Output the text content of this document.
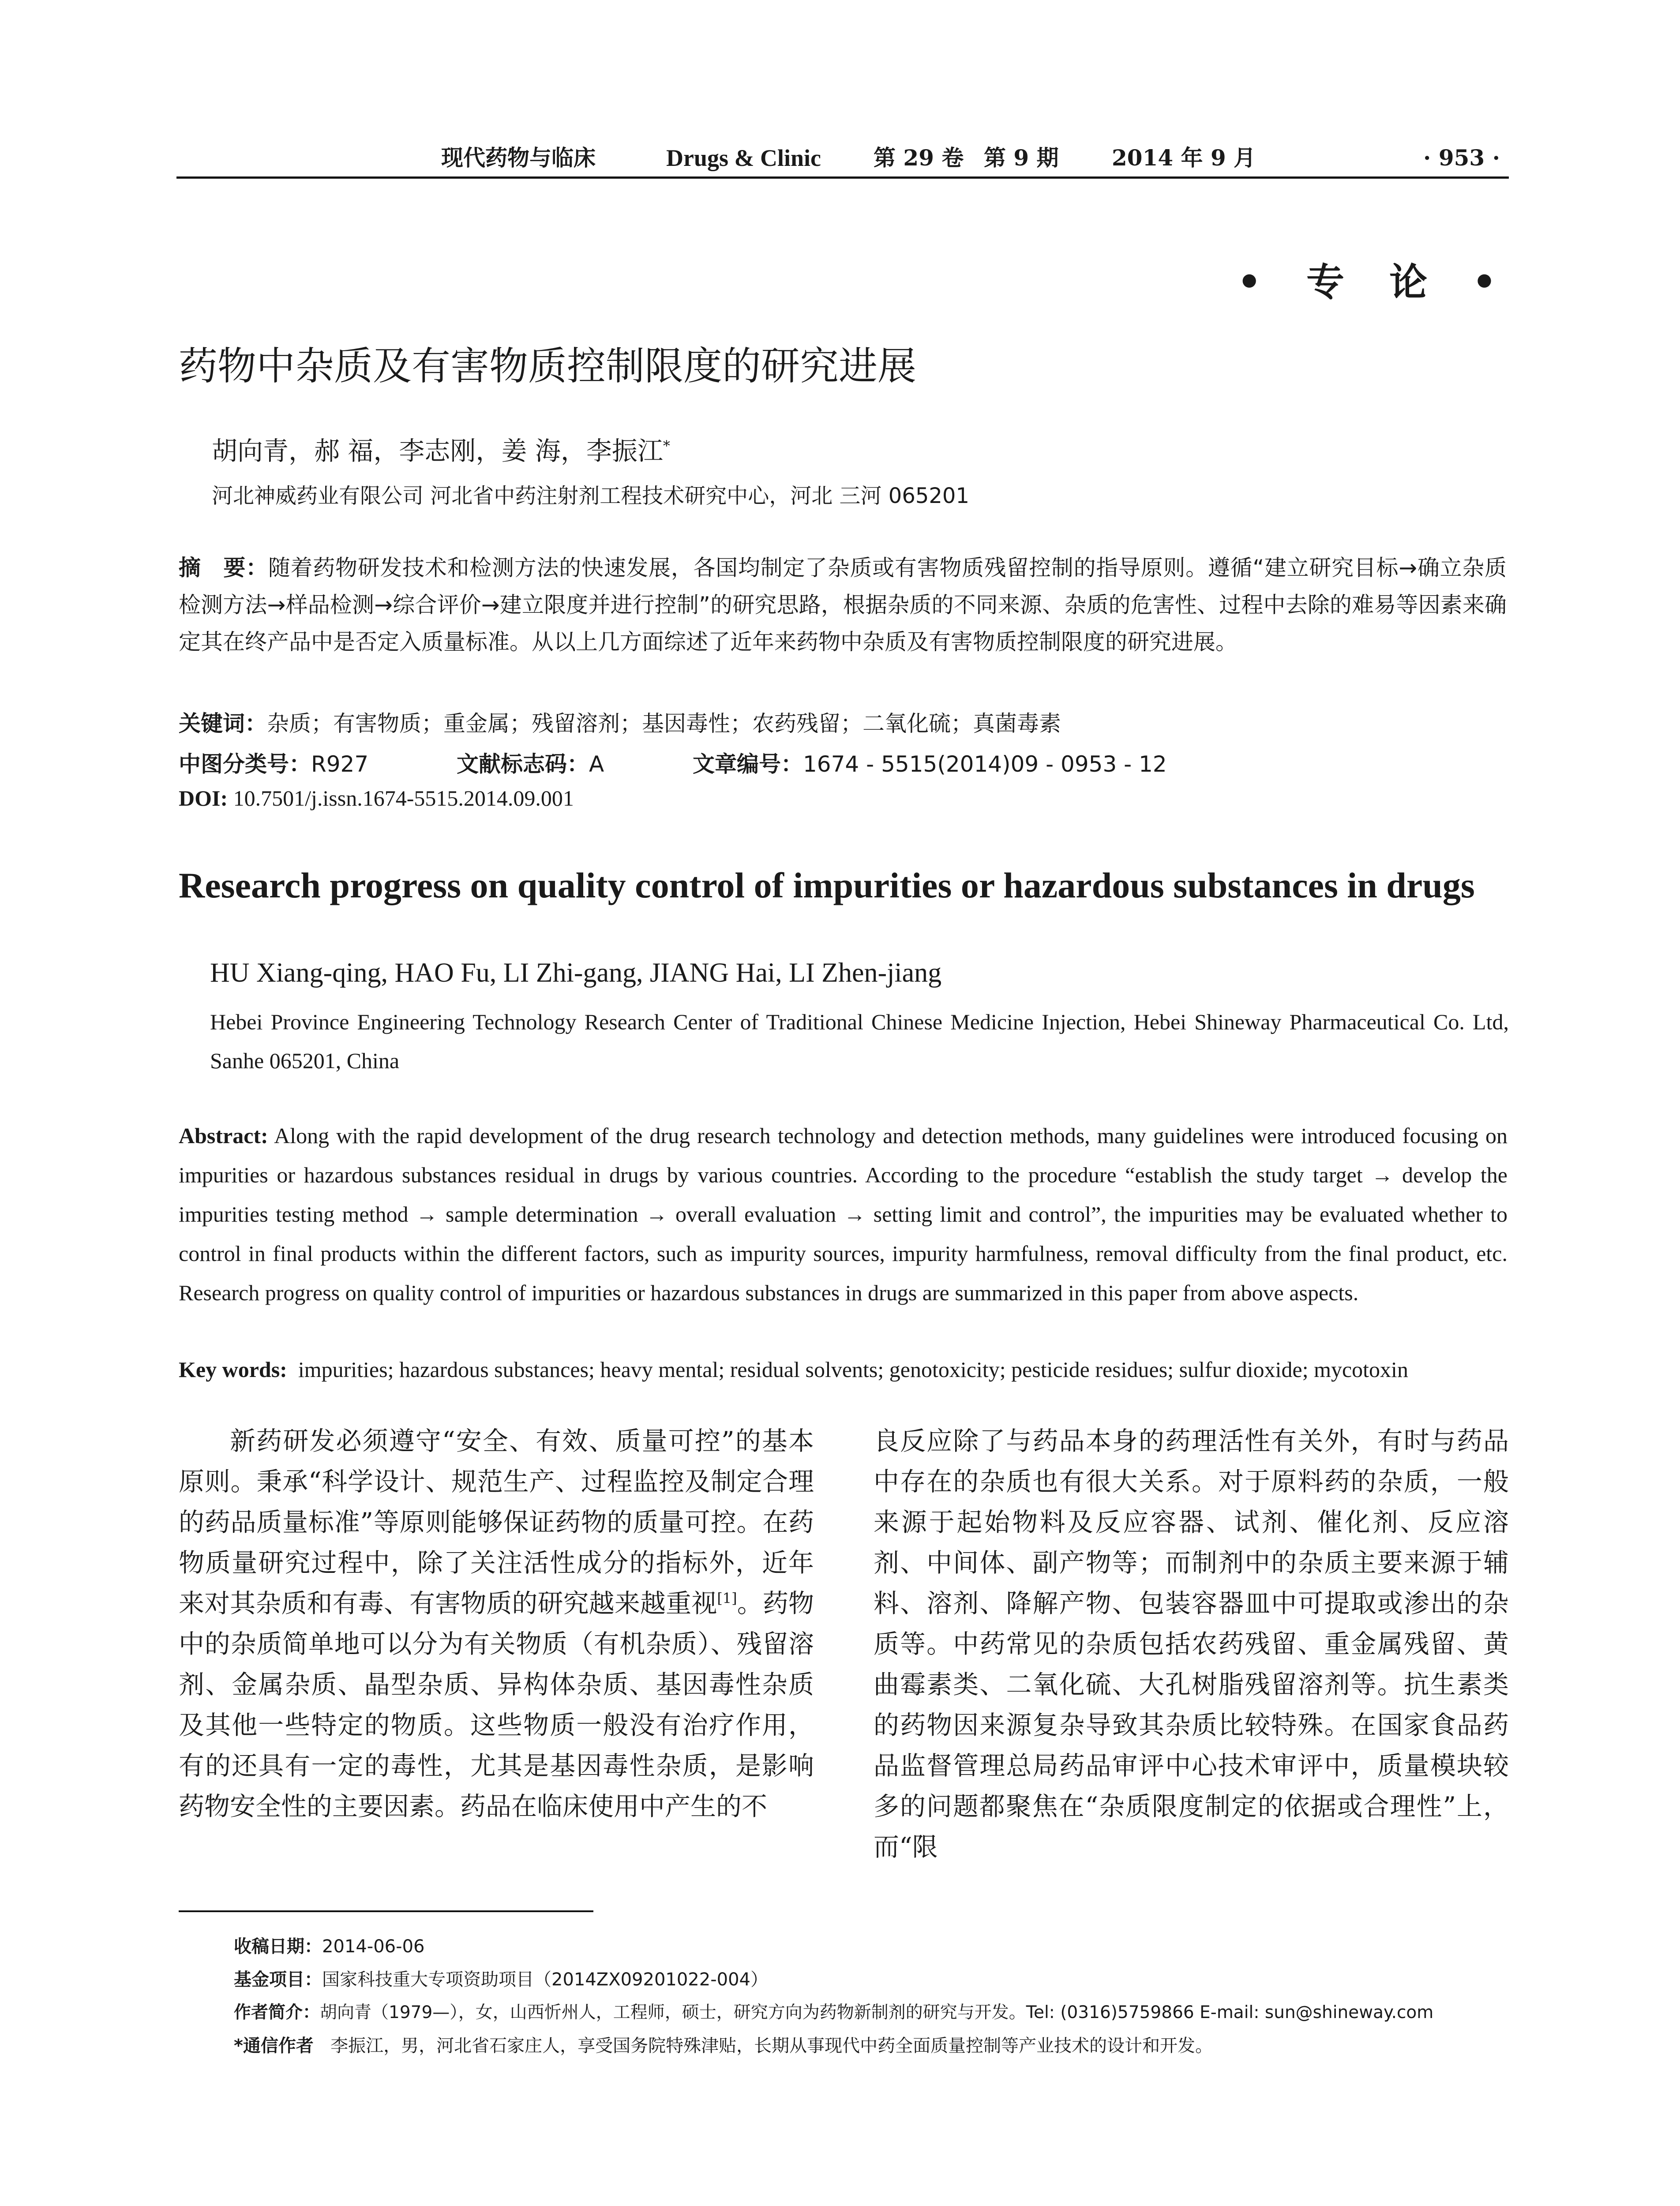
现代药物与临床	Drugs & Clinic 第 29 卷 第 9 期 2014 年 9 月	· 953 ·
• 专 论 •
药物中杂质及有害物质控制限度的研究进展
胡向青，郝 福，李志刚，姜 海，李振江*
河北神威药业有限公司 河北省中药注射剂工程技术研究中心，河北 三河 065201
摘　要：随着药物研发技术和检测方法的快速发展，各国均制定了杂质或有害物质残留控制的指导原则。遵循“建立研究目标→确立杂质检测方法→样品检测→综合评价→建立限度并进行控制”的研究思路，根据杂质的不同来源、杂质的危害性、过程中去除的难易等因素来确定其在终产品中是否定入质量标准。从以上几方面综述了近年来药物中杂质及有害物质控制限度的研究进展。
关键词：杂质；有害物质；重金属；残留溶剂；基因毒性；农药残留；二氧化硫；真菌毒素
中图分类号：R927	文献标志码：A	文章编号：1674 - 5515(2014)09 - 0953 - 12
DOI: 10.7501/j.issn.1674-5515.2014.09.001
Research progress on quality control of impurities or hazardous substances in drugs
HU Xiang-qing, HAO Fu, LI Zhi-gang, JIANG Hai, LI Zhen-jiang
Hebei Province Engineering Technology Research Center of Traditional Chinese Medicine Injection, Hebei Shineway Pharmaceutical Co. Ltd, Sanhe 065201, China
Abstract: Along with the rapid development of the drug research technology and detection methods, many guidelines were introduced focusing on impurities or hazardous substances residual in drugs by various countries. According to the procedure “establish the study target → develop the impurities testing method → sample determination → overall evaluation → setting limit and control”, the impurities may be evaluated whether to control in final products within the different factors, such as impurity sources, impurity harmfulness, removal difficulty from the final product, etc. Research progress on quality control of impurities or hazardous substances in drugs are summarized in this paper from above aspects.
Key words: impurities; hazardous substances; heavy mental; residual solvents; genotoxicity; pesticide residues; sulfur dioxide; mycotoxin
新药研发必须遵守“安全、有效、质量可控”的基本原则。秉承“科学设计、规范生产、过程监控及制定合理的药品质量标准”等原则能够保证药物的质量可控。在药物质量研究过程中，除了关注活性成分的指标外，近年来对其杂质和有毒、有害物质的研究越来越重视[1]。药物中的杂质简单地可以分为有关物质（有机杂质）、残留溶剂、金属杂质、晶型杂质、异构体杂质、基因毒性杂质及其他一些特定的物质。这些物质一般没有治疗作用，有的还具有一定的毒性，尤其是基因毒性杂质，是影响药物安全性的主要因素。药品在临床使用中产生的不
良反应除了与药品本身的药理活性有关外，有时与药品中存在的杂质也有很大关系。对于原料药的杂质，一般来源于起始物料及反应容器、试剂、催化剂、反应溶剂、中间体、副产物等；而制剂中的杂质主要来源于辅料、溶剂、降解产物、包装容器皿中可提取或渗出的杂质等。中药常见的杂质包括农药残留、重金属残留、黄曲霉素类、二氧化硫、大孔树脂残留溶剂等。抗生素类的药物因来源复杂导致其杂质比较特殊。在国家食品药品监督管理总局药品审评中心技术审评中，质量模块较多的问题都聚焦在“杂质限度制定的依据或合理性”上，而“限
收稿日期：2014-06-06
基金项目：国家科技重大专项资助项目（2014ZX09201022-004）
作者简介：胡向青（1979—），女，山西忻州人，工程师，硕士，研究方向为药物新制剂的研究与开发。Tel: (0316)5759866 E-mail: sun@shineway.com
*通信作者 李振江，男，河北省石家庄人，享受国务院特殊津贴，长期从事现代中药全面质量控制等产业技术的设计和开发。
